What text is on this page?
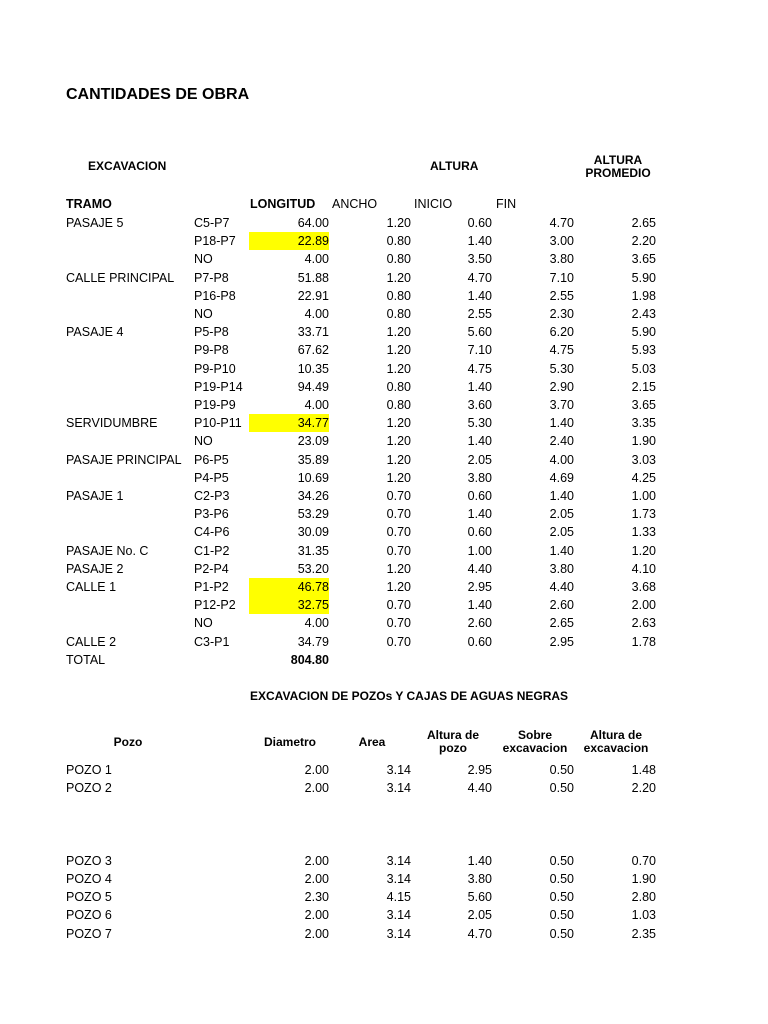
CANTIDADES DE OBRA
EXCAVACION	ALTURA	ALTURA
PROMEDIO
TRAMO	LONGITUD ANCHO	INICIO	FIN
PASAJE 5	C5-P7	64.00	1.20	0.60	4.70	2.65
P18-P7	22.89	0.80	1.40	3.00	2.20
NO	4.00	0.80	3.50	3.80	3.65
CALLE PRINCIPAL P7-P8	51.88	1.20	4.70	7.10	5.90
P16-P8	22.91	0.80	1.40	2.55	1.98
NO	4.00	0.80	2.55	2.30	2.43
PASAJE 4	P5-P8	33.71	1.20	5.60	6.20	5.90
P9-P8	67.62	1.20	7.10	4.75	5.93
P9-P10	10.35	1.20	4.75	5.30	5.03
P19-P14	94.49	0.80	1.40	2.90	2.15
P19-P9	4.00	0.80	3.60	3.70	3.65
SERVIDUMBRE	P10-P11	34.77	1.20	5.30	1.40	3.35
NO	23.09	1.20	1.40	2.40	1.90
PASAJE PRINCIPAL P6-P5	35.89	1.20	2.05	4.00	3.03
P4-P5	10.69	1.20	3.80	4.69	4.25
PASAJE 1	C2-P3	34.26	0.70	0.60	1.40	1.00
P3-P6	53.29	0.70	1.40	2.05	1.73
C4-P6	30.09	0.70	0.60	2.05	1.33
PASAJE No. C	C1-P2	31.35	0.70	1.00	1.40	1.20
PASAJE 2	P2-P4	53.20	1.20	4.40	3.80	4.10
CALLE 1	P1-P2	46.78	1.20	2.95	4.40	3.68
P12-P2	32.75	0.70	1.40	2.60	2.00
NO	4.00	0.70	2.60	2.65	2.63
CALLE 2	C3-P1	34.79	0.70	0.60	2.95	1.78
TOTAL	804.80
EXCAVACION DE POZOs Y CAJAS DE AGUAS NEGRAS
Pozo	Diametro	Area	Altura de
pozo
Sobre
excavacion
Altura de
excavacion
POZO 1	2.00	3.14	2.95	0.50	1.48
POZO 2	2.00	3.14	4.40	0.50	2.20
POZO 3	2.00	3.14	1.40	0.50	0.70
POZO 4	2.00	3.14	3.80	0.50	1.90
POZO 5	2.30	4.15	5.60	0.50	2.80
POZO 6	2.00	3.14	2.05	0.50	1.03
POZO 7	2.00	3.14	4.70	0.50	2.35
